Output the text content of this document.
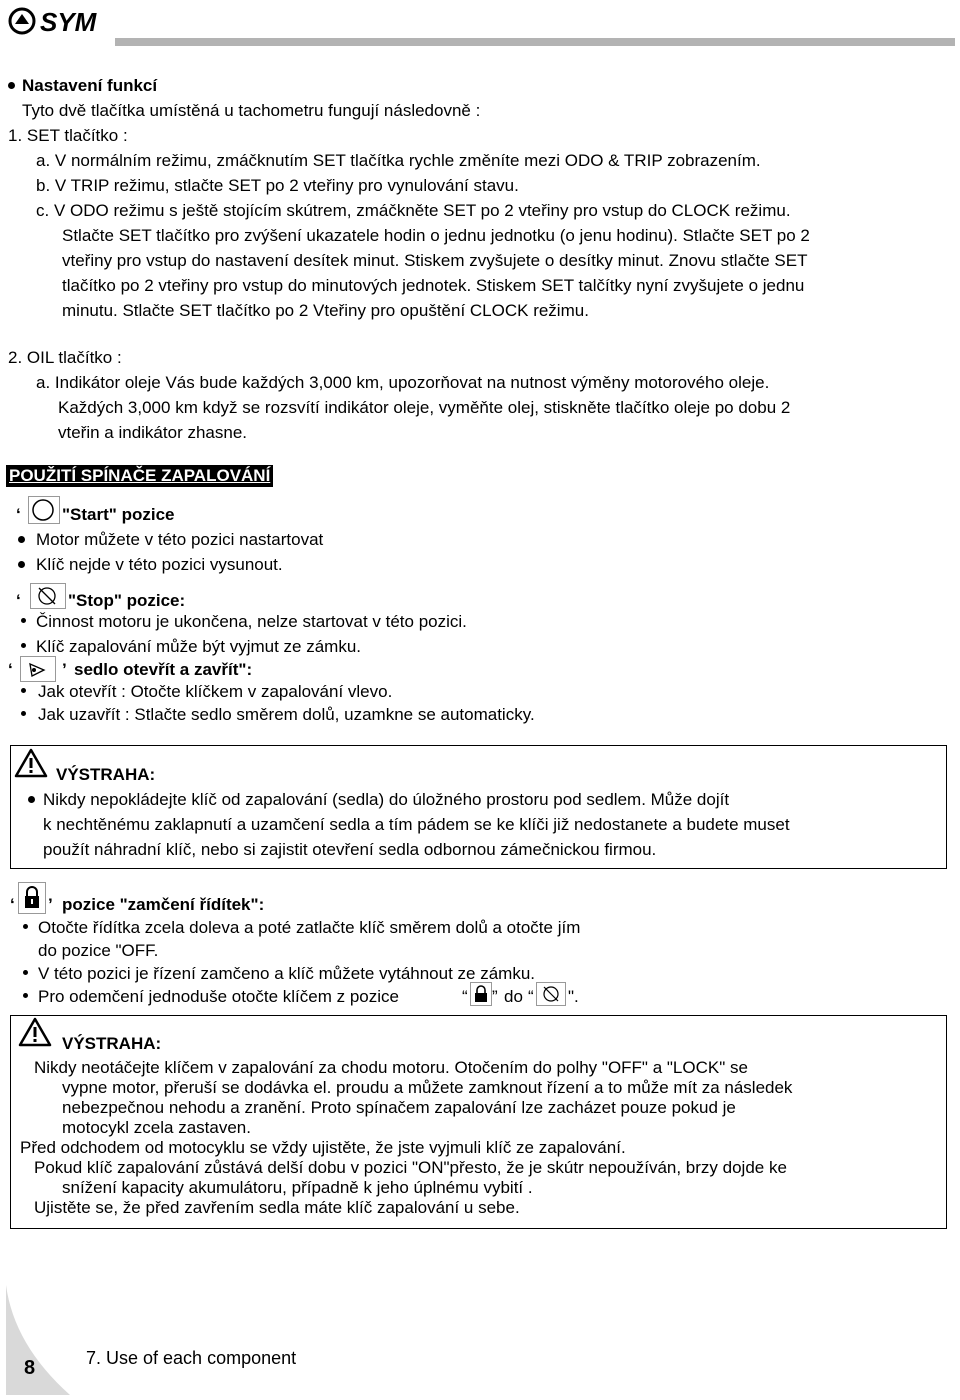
SYM
Nastavení funkcí
Tyto dvě tlačítka umístěná u tachometru fungují následovně :
1. SET tlačítko :
a. V normálním režimu, zmáčknutím SET tlačítka rychle změníte mezi ODO & TRIP zobrazením.
b. V TRIP režimu, stlačte SET po 2 vteřiny pro vynulování stavu.
c. V ODO režimu s ještě stojícím skútrem, zmáčkněte SET po 2 vteřiny pro vstup do CLOCK režimu.
Stlačte SET tlačítko pro zvýšení ukazatele hodin o jednu jednotku (o jenu hodinu). Stlačte SET po 2
vteřiny pro vstup do nastavení desítek minut. Stiskem zvyšujete o desítky minut. Znovu stlačte SET
tlačítko po 2 vteřiny pro vstup do minutových jednotek. Stiskem SET talčítky nyní zvyšujete o jednu
minutu. Stlačte SET tlačítko po 2 Vteřiny pro opuštění CLOCK režimu.
2. OIL tlačítko :
a. Indikátor oleje Vás bude každých 3,000 km, upozorňovat na nutnost výměny motorového oleje.
Každých 3,000 km když se rozsvítí indikátor oleje, vyměňte olej, stiskněte tlačítko oleje po dobu 2
vteřin a indikátor zhasne.
POUŽITÍ SPÍNAČE ZAPALOVÁNÍ
‘ "Start" pozice
Motor můžete v této pozici nastartovat
Klíč nejde v této pozici vysunout.
‘	"Stop" pozice:
Činnost motoru je ukončena, nelze startovat v této pozici.
Klíč zapalování může být vyjmut ze zámku.
‘	’ sedlo otevřít a zavřít":
Jak otevřít : Otočte klíčkem v zapalování vlevo.
Jak uzavřít : Stlačte sedlo směrem dolů, uzamkne se automaticky.
VÝSTRAHA:
Nikdy nepokládejte klíč od zapalování (sedla) do úložného prostoru pod sedlem. Může dojít
k nechtěnému zaklapnutí a uzamčení sedla a tím pádem se ke klíči již nedostanete a budete muset
použít náhradní klíč, nebo si zajistit otevření sedla odbornou zámečnickou firmou.
‘ ’ pozice "zamčení řídítek":
Otočte řídítka zcela doleva a poté zatlačte klíč směrem dolů a otočte jím
do pozice "OFF.
V této pozici je řízení zamčeno a klíč můžete vytáhnout ze zámku.
Pro odemčení jednoduše otočte klíčem z pozice	“ ” do “ ".
VÝSTRAHA:
Nikdy neotáčejte klíčem v zapalování za chodu motoru. Otočením do polhy "OFF" a "LOCK" se
vypne motor, přeruší se dodávka el. proudu a můžete zamknout řízení a to může mít za následek
nebezpečnou nehodu a zranění. Proto spínačem zapalování lze zacházet pouze pokud je
motocykl zcela zastaven.
Před odchodem od motocyklu se vždy ujistěte, že jste vyjmuli klíč ze zapalování.
Pokud klíč zapalování zůstává delší dobu v pozici "ON"přesto, že je skútr nepoužíván, brzy dojde ke
snížení kapacity akumulátoru, případně k jeho úplnému vybití .
Ujistěte se, že před zavřením sedla máte klíč zapalování u sebe.
8	7. Use of each component
